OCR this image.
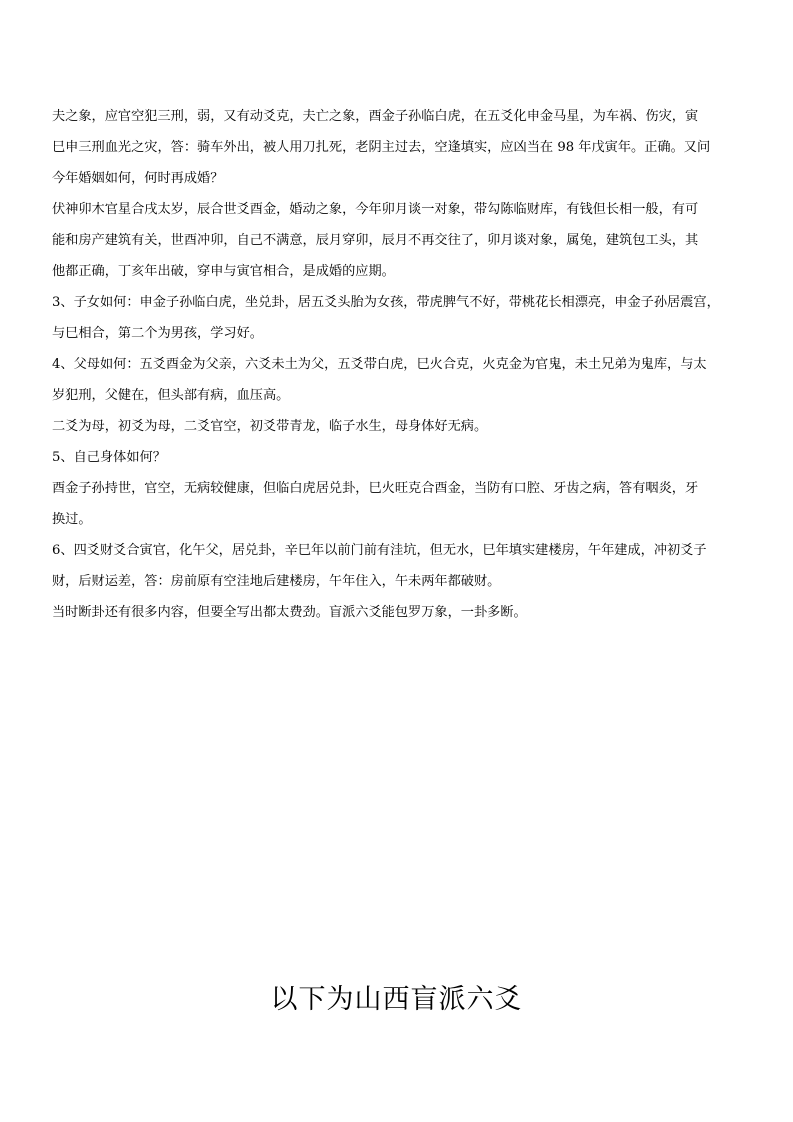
夫之象，应官空犯三刑，弱，又有动爻克，夫亡之象，酉金子孙临白虎，在五爻化申金马星，为车祸、伤灾，寅
巳申三刑血光之灾，答：骑车外出，被人用刀扎死，老阴主过去，空逢填实，应凶当在 98 年戊寅年。正确。又问
今年婚姻如何，何时再成婚？

伏神卯木官星合戌太岁，辰合世爻酉金，婚动之象，今年卯月谈一对象，带勾陈临财库，有钱但长相一般，有可
能和房产建筑有关，世酉冲卯，自己不满意，辰月穿卯，辰月不再交往了，卯月谈对象，属兔，建筑包工头，其
他都正确，丁亥年出破，穿申与寅官相合，是成婚的应期。

3、子女如何：申金子孙临白虎，坐兑卦，居五爻头胎为女孩，带虎脾气不好，带桃花长相漂亮，申金子孙居震宫，
与巳相合，第二个为男孩，学习好。

4、父母如何：五爻酉金为父亲，六爻未土为父，五爻带白虎，巳火合克，火克金为官鬼，未土兄弟为鬼库，与太
岁犯刑，父健在，但头部有病，血压高。

二爻为母，初爻为母，二爻官空，初爻带青龙，临子水生，母身体好无病。

5、自己身体如何？

酉金子孙持世，官空，无病较健康，但临白虎居兑卦，巳火旺克合酉金，当防有口腔、牙齿之病，答有咽炎，牙
换过。

6、四爻财爻合寅官，化午父，居兑卦，辛巳年以前门前有洼坑，但无水，巳年填实建楼房，午年建成，冲初爻子
财，后财运差，答：房前原有空洼地后建楼房，午年住入，午未两年都破财。

当时断卦还有很多内容，但要全写出都太费劲。盲派六爻能包罗万象，一卦多断。

以下为山西盲派六爻
